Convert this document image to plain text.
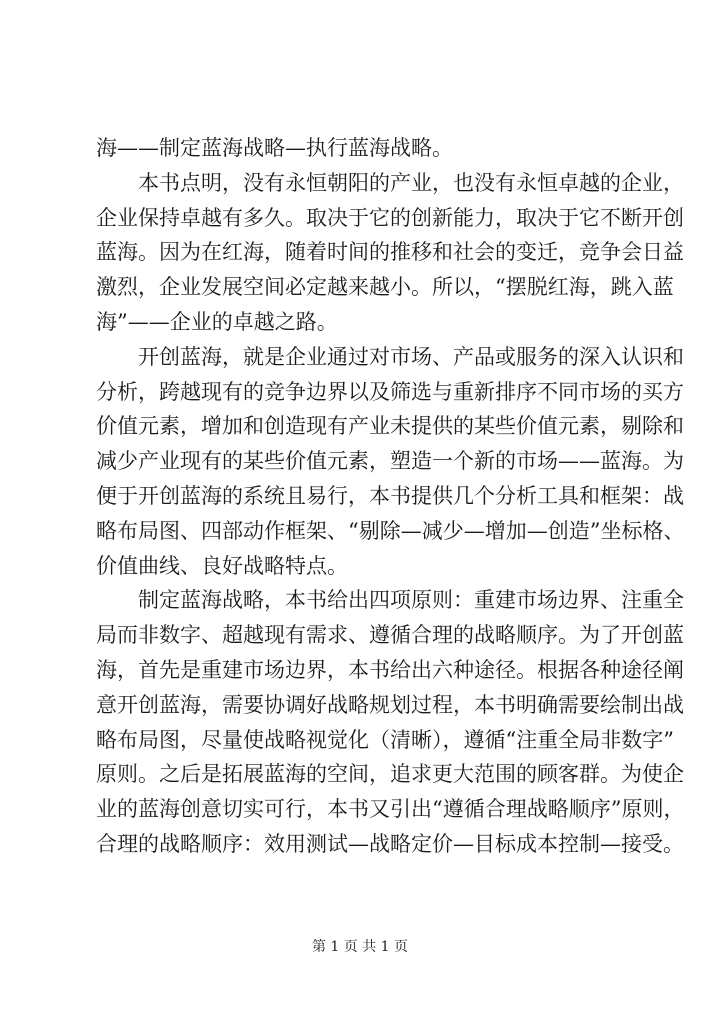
海——制定蓝海战略—执行蓝海战略。
本书点明，没有永恒朝阳的产业，也没有永恒卓越的企业，
企业保持卓越有多久。取决于它的创新能力，取决于它不断开创
蓝海。因为在红海，随着时间的推移和社会的变迁，竞争会日益
激烈，企业发展空间必定越来越小。所以，“摆脱红海，跳入蓝
海”——企业的卓越之路。
开创蓝海，就是企业通过对市场、产品或服务的深入认识和
分析，跨越现有的竞争边界以及筛选与重新排序不同市场的买方
价值元素，增加和创造现有产业未提供的某些价值元素，剔除和
减少产业现有的某些价值元素，塑造一个新的市场——蓝海。为
便于开创蓝海的系统且易行，本书提供几个分析工具和框架：战
略布局图、四部动作框架、“剔除—减少—增加—创造”坐标格、
价值曲线、良好战略特点。
制定蓝海战略，本书给出四项原则：重建市场边界、注重全
局而非数字、超越现有需求、遵循合理的战略顺序。为了开创蓝
海，首先是重建市场边界，本书给出六种途径。根据各种途径阐
意开创蓝海，需要协调好战略规划过程，本书明确需要绘制出战
略布局图，尽量使战略视觉化（清晰），遵循“注重全局非数字”
原则。之后是拓展蓝海的空间，追求更大范围的顾客群。为使企
业的蓝海创意切实可行，本书又引出“遵循合理战略顺序”原则，
合理的战略顺序：效用测试—战略定价—目标成本控制—接受。
第 1 页 共 1 页
